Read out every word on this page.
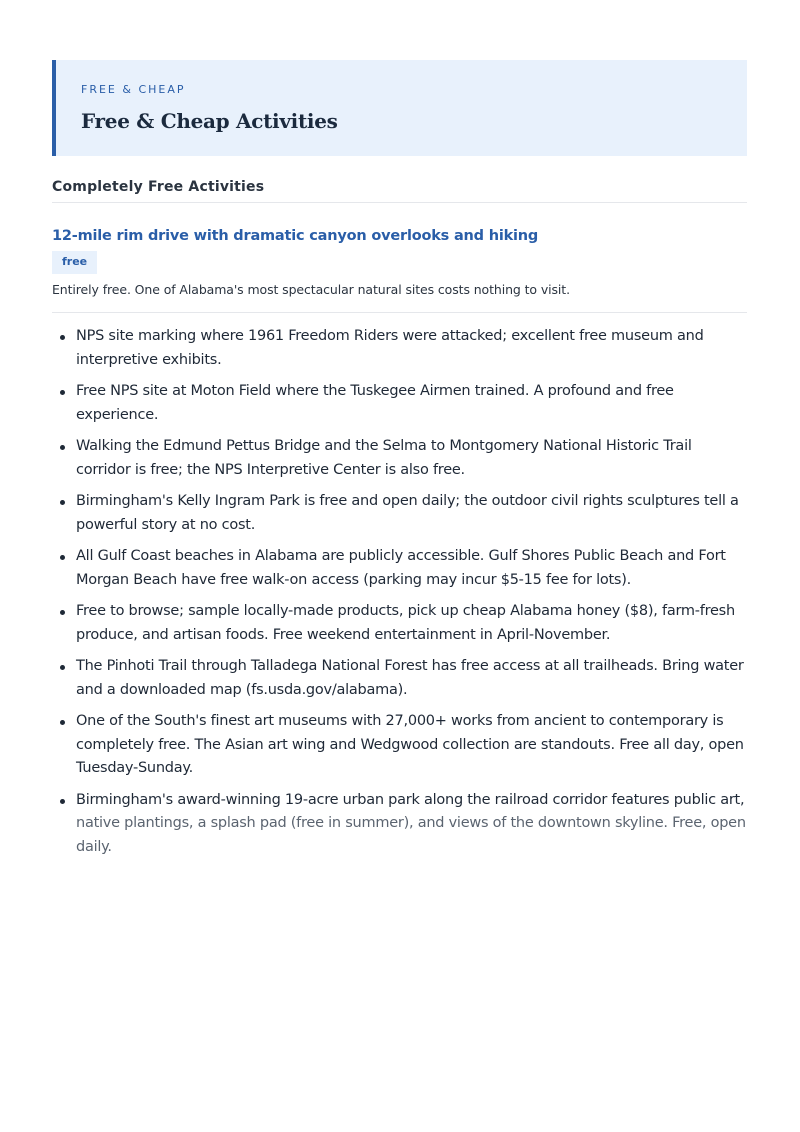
FREE & CHEAP
Free & Cheap Activities
Completely Free Activities
12-mile rim drive with dramatic canyon overlooks and hiking
free
Entirely free. One of Alabama's most spectacular natural sites costs nothing to visit.
NPS site marking where 1961 Freedom Riders were attacked; excellent free museum and interpretive exhibits.
Free NPS site at Moton Field where the Tuskegee Airmen trained. A profound and free experience.
Walking the Edmund Pettus Bridge and the Selma to Montgomery National Historic Trail corridor is free; the NPS Interpretive Center is also free.
Birmingham's Kelly Ingram Park is free and open daily; the outdoor civil rights sculptures tell a powerful story at no cost.
All Gulf Coast beaches in Alabama are publicly accessible. Gulf Shores Public Beach and Fort Morgan Beach have free walk-on access (parking may incur $5-15 fee for lots).
Free to browse; sample locally-made products, pick up cheap Alabama honey ($8), farm-fresh produce, and artisan foods. Free weekend entertainment in April-November.
The Pinhoti Trail through Talladega National Forest has free access at all trailheads. Bring water and a downloaded map (fs.usda.gov/alabama).
One of the South's finest art museums with 27,000+ works from ancient to contemporary is completely free. The Asian art wing and Wedgwood collection are standouts. Free all day, open Tuesday-Sunday.
Birmingham's award-winning 19-acre urban park along the railroad corridor features public art, native plantings, a splash pad (free in summer), and views of the downtown skyline. Free, open daily.
